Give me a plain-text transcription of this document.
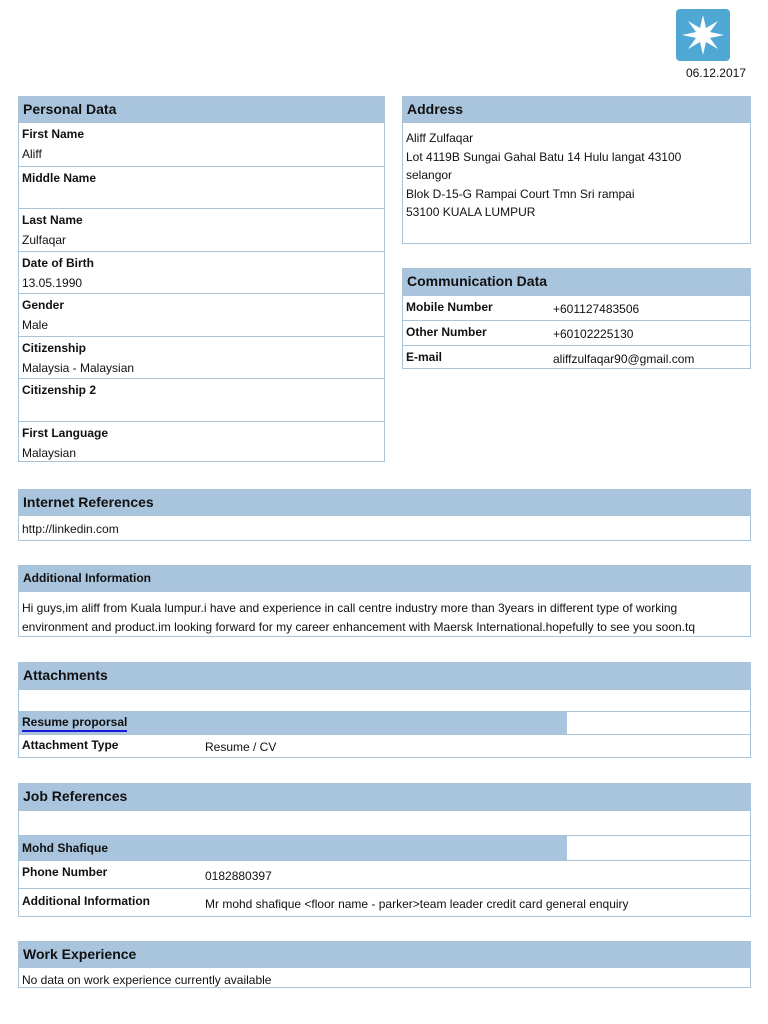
06.12.2017
Personal Data
First Name
Aliff
Middle Name
Last Name
Zulfaqar
Date of Birth
13.05.1990
Gender
Male
Citizenship
Malaysia - Malaysian
Citizenship 2
First Language
Malaysian
Address
Aliff Zulfaqar
Lot 4119B Sungai Gahal Batu 14 Hulu langat 43100
selangor
Blok D-15-G Rampai Court Tmn Sri rampai
53100 KUALA LUMPUR
Communication Data
Mobile Number	+601127483506
Other Number	+60102225130
E-mail	aliffzulfaqar90@gmail.com
Internet References
http://linkedin.com
Additional Information
Hi guys,im aliff from Kuala lumpur.i have and experience in call centre industry more than 3years in different type of working
environment and product.im looking forward for my career enhancement with Maersk International.hopefully to see you soon.tq
Attachments
Resume proporsal
Attachment Type	Resume / CV
Job References
Mohd Shafique
Phone Number	0182880397
Additional Information	Mr mohd shafique <floor name - parker>team leader credit card general enquiry
Work Experience
No data on work experience currently available
